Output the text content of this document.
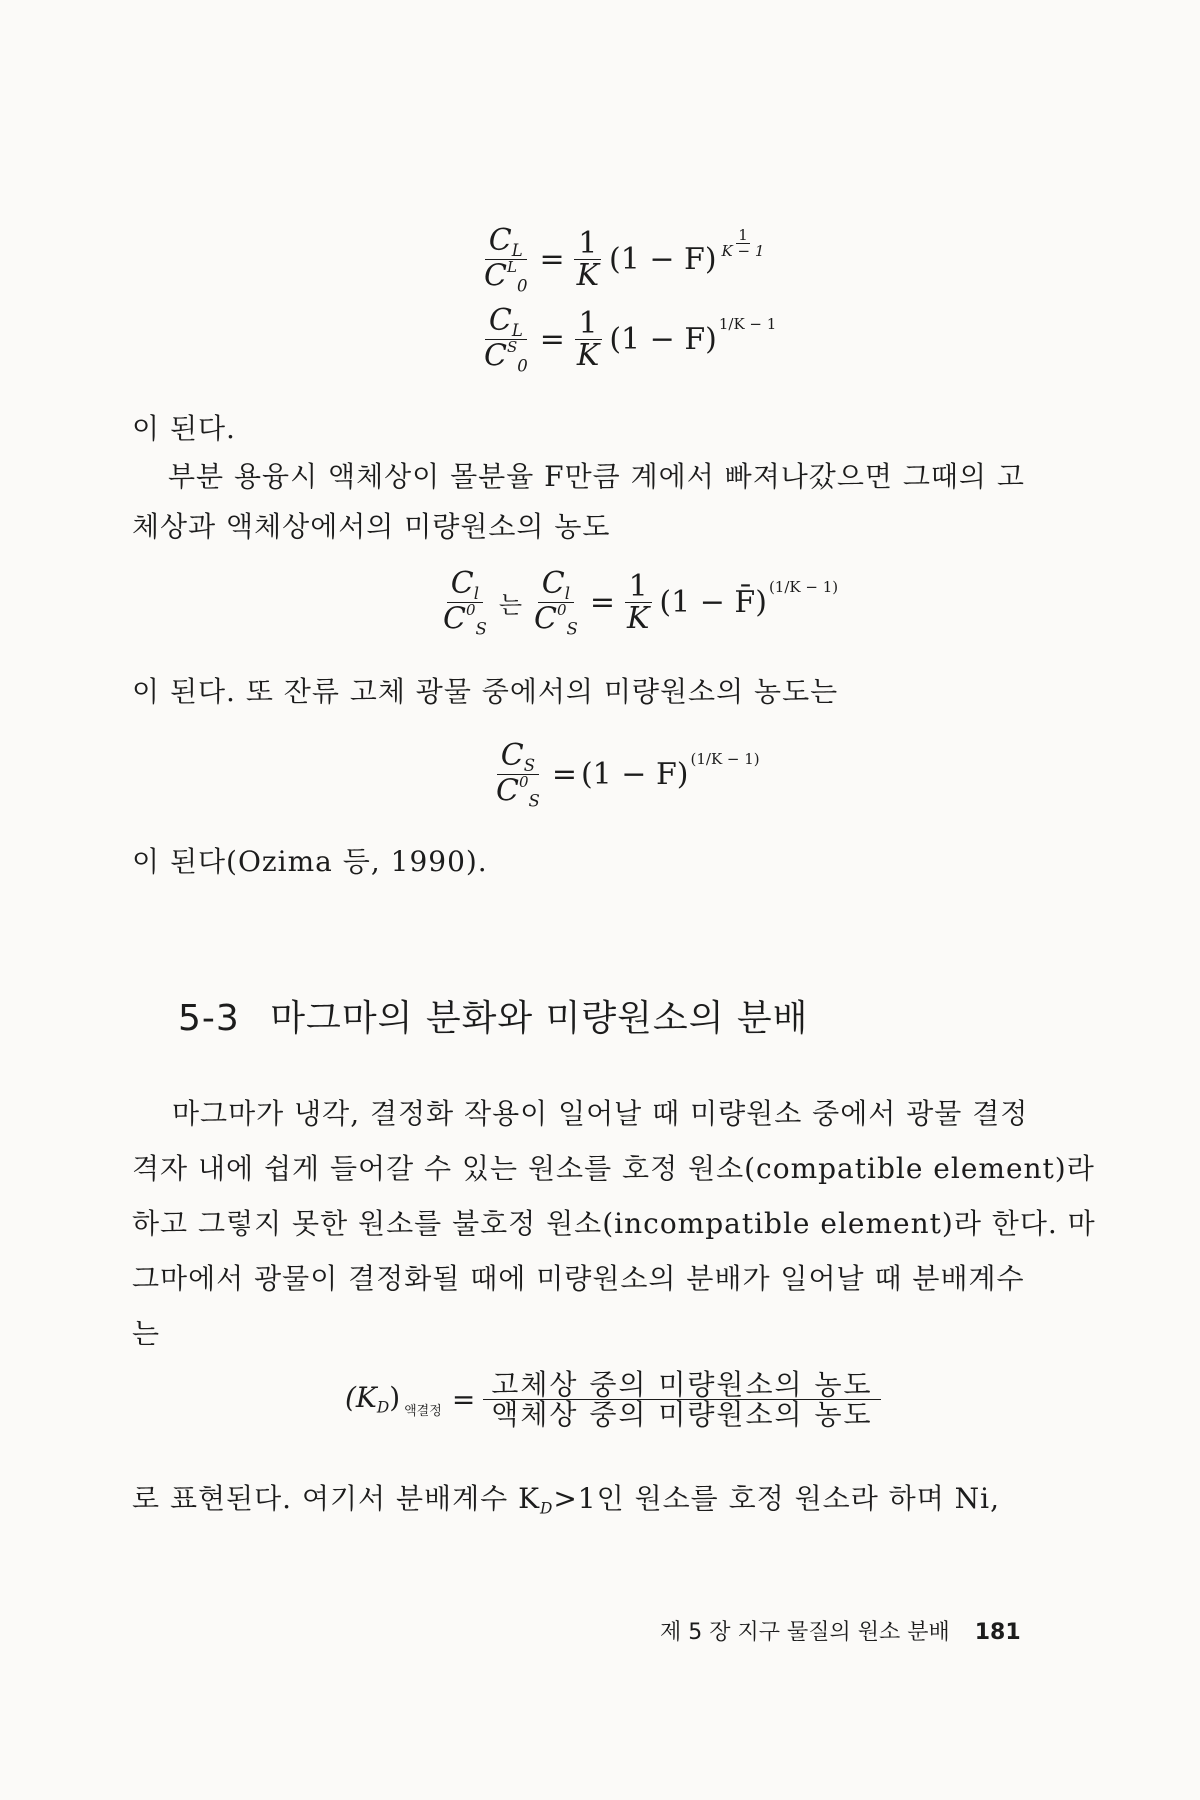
$\frac{C_L}{C^L_0} = \frac{1}{K} (1 - F) \frac{1}{K - 1}$
$\frac{C_L}{C^S_0} = \frac{1}{K} (1 - F) 1/K - 1$
이 된다.
부분 용융시 액체상이 몰분율 F만큼 계에서 빠져나갔으면 그때의 고
체상과 액체상에서의 미량원소의 농도
$\frac{C_l}{C^0_S}$ 는 $\frac{C_l}{C^0_S} = \frac{1}{K} (1$ − F̄) (1/K − 1)
이 된다. 또 잔류 고체 광물 중에서의 미량원소의 농도는
$\frac{C_S}{C^0_S} = (1 - F) (1/K - 1)$
이 된다(Ozima 등, 1990).
5-3 마그마의 분화와 미량원소의 분배
마그마가 냉각, 결정화 작용이 일어날 때 미량원소 중에서 광물 결정
격자 내에 쉽게 들어갈 수 있는 원소를 호정 원소(compatible element)라
하고 그렇지 못한 원소를 불호정 원소(incompatible element)라 한다. 마
그마에서 광물이 결정화될 때에 미량원소의 분배가 일어날 때 분배계수
는
$(K_D) _{액결정} = \frac{\text{고체상 중의 미량원소의 농도}}{\text{액체상 중의 미량원소의 농도}}$
로 표현된다. 여기서 분배계수 $K_D>1$인 원소를 호정 원소라 하며 Ni,
제 5 장 지구 물질의 원소 분배 181
